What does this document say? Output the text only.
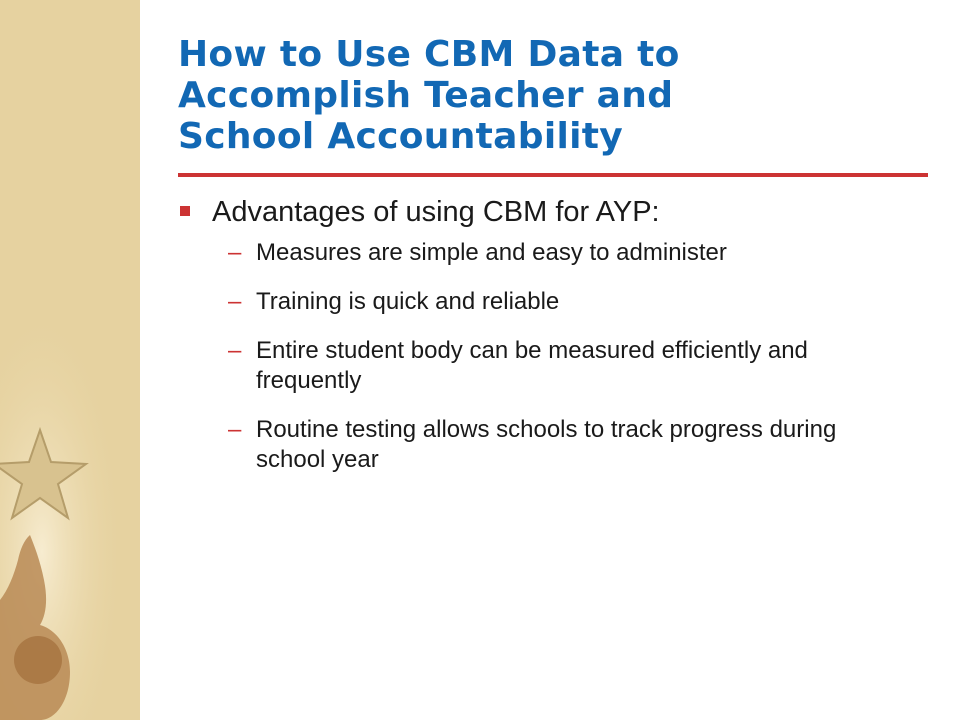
How to Use CBM Data to
Accomplish Teacher and
School Accountability
Advantages of using CBM for AYP:
– Measures are simple and easy to administer
– Training is quick and reliable
– Entire student body can be measured efficiently and frequently
– Routine testing allows schools to track progress during school year
